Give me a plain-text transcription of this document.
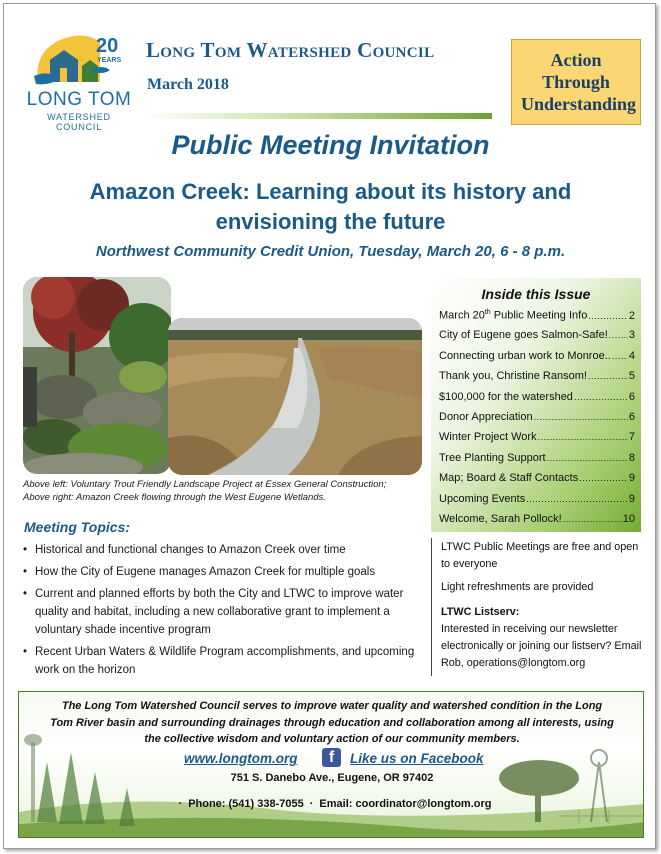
20
YEARS
LONG TOM
WATERSHED COUNCIL
Long Tom Watershed Council
March 2018
Action Through Understanding
Public Meeting Invitation
Amazon Creek: Learning about its history and envisioning the future
Northwest Community Credit Union, Tuesday, March 20, 6 - 8 p.m.
Above left: Voluntary Trout Friendly Landscape Project at Essex General Construction;
Above right: Amazon Creek flowing through the West Eugene Wetlands.
Inside this Issue
March 20th Public Meeting Info .....	2
City of Eugene goes Salmon-Safe! ..... 3
Connecting urban work to Monroe.. ..... 4
Thank you, Christine Ransom! .....	5
$100,000 for the watershed .....	6
Donor Appreciation .....	6
Winter Project Work .....	7
Tree Planting Support .....	8
Map; Board & Staff Contacts .....	9
Upcoming Events .....	9
Welcome, Sarah Pollock! .....	10
Meeting Topics:
• Historical and functional changes to Amazon Creek over time
• How the City of Eugene manages Amazon Creek for multiple goals
• Current and planned efforts by both the City and LTWC to improve water quality and habitat, including a new collaborative grant to implement a voluntary shade incentive program
• Recent Urban Waters & Wildlife Program accomplishments, and upcoming work on the horizon

LTWC Public Meetings are free and open to everyone

Light refreshments are provided

LTWC Listserv:

Interested in receiving our newsletter electronically or joining our listserv? Email Rob, operations@longtom.org

The Long Tom Watershed Council serves to improve water quality and watershed condition in the Long Tom River basin and surrounding drainages through education and collaboration among all interests, using the collective wisdom and voluntary action of our community members.
www.longtom.org	f	Like us on Facebook
751 S. Danebo Ave., Eugene, OR 97402
· Phone: (541) 338-7055 · Email: coordinator@longtom.org
